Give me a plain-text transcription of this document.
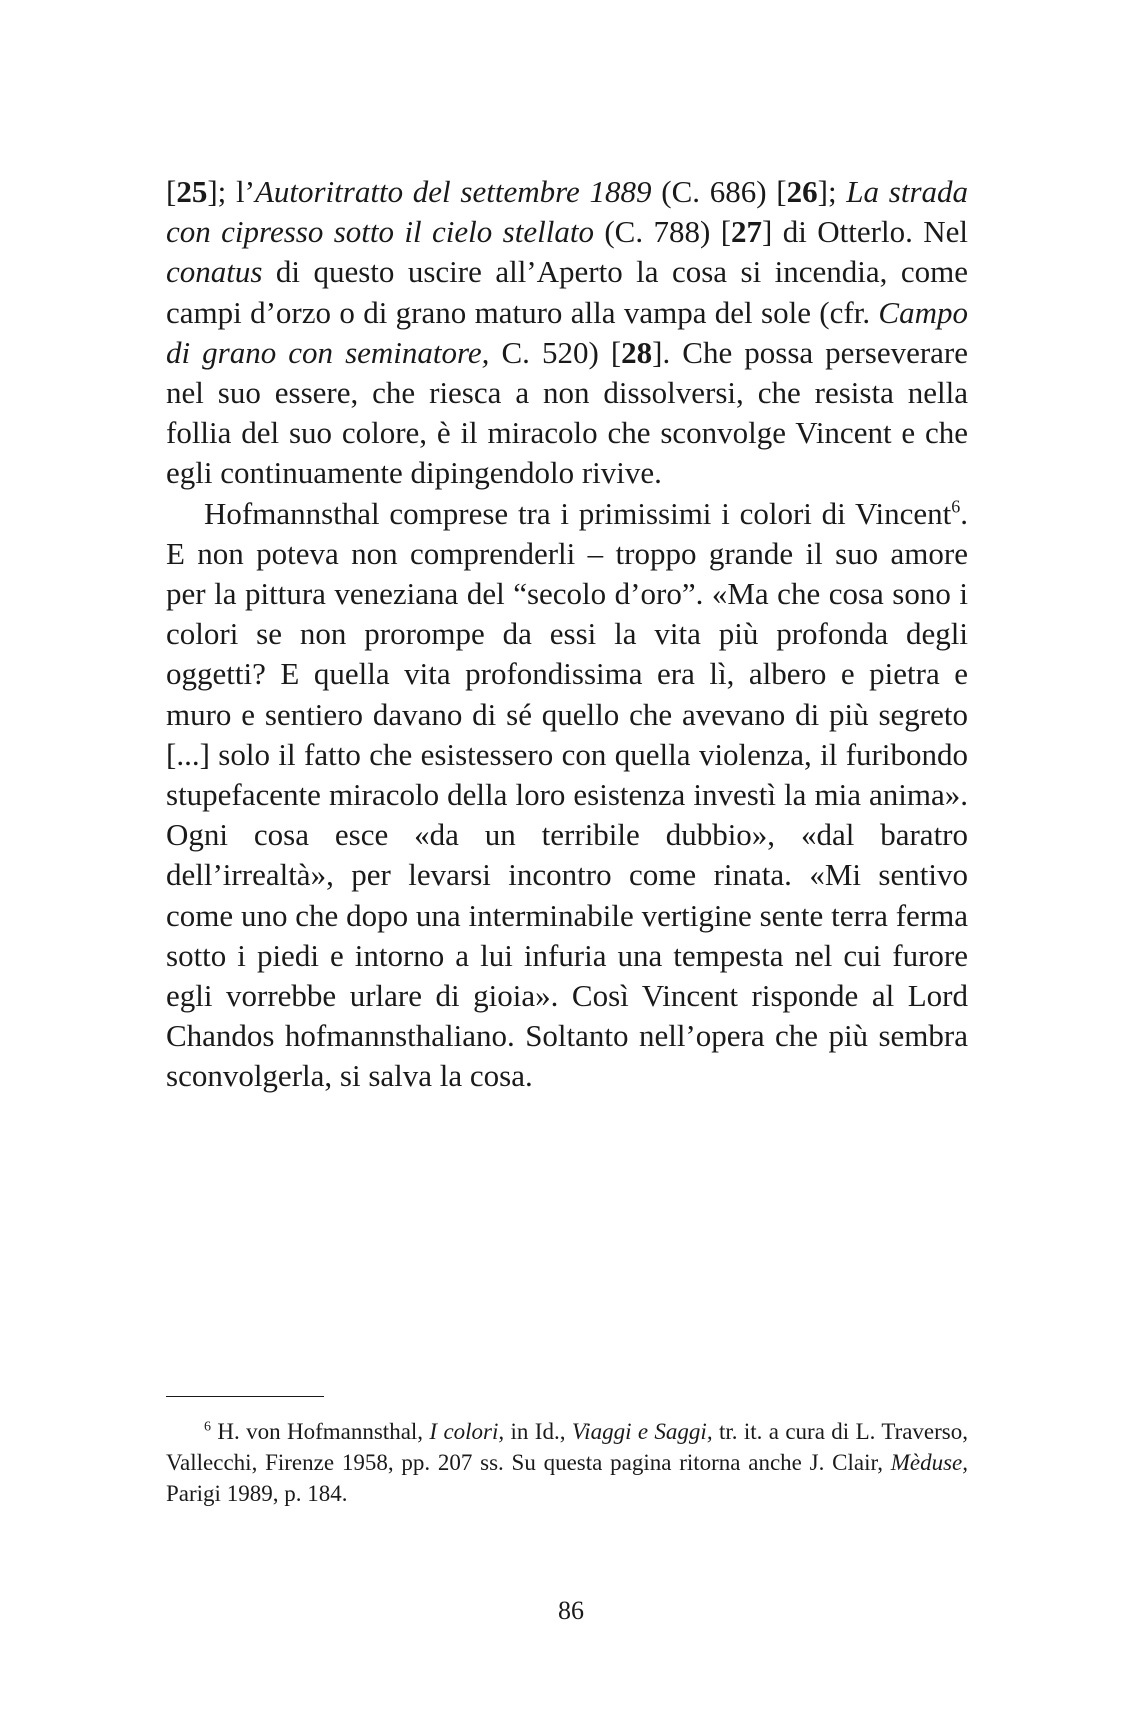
[25]; l’Autoritratto del settembre 1889 (C. 686) [26]; La strada con cipresso sotto il cielo stellato (C. 788) [27] di Otterlo. Nel conatus di questo uscire all’Aperto la cosa si incendia, come campi d’orzo o di grano maturo alla vampa del sole (cfr. Campo di grano con seminatore, C. 520) [28]. Che possa perseverare nel suo essere, che riesca a non dissolversi, che resista nella follia del suo colore, è il miracolo che sconvolge Vincent e che egli continuamente dipingendolo rivive.

Hofmannsthal comprese tra i primissimi i colori di Vincent$^6$. E non poteva non comprenderli – troppo grande il suo amore per la pittura veneziana del “secolo d’oro”. «Ma che cosa sono i colori se non prorompe da essi la vita più profonda degli oggetti? E quella vita profondissima era lì, albero e pietra e muro e sentiero davano di sé quello che avevano di più segreto [...] solo il fatto che esistessero con quella violenza, il furibondo stupefacente miracolo della loro esistenza investì la mia anima». Ogni cosa esce «da un terribile dubbio», «dal baratro dell’irrealtà», per levarsi incontro come rinata. «Mi sentivo come uno che dopo una interminabile vertigine sente terra ferma sotto i piedi e intorno a lui infuria una tempesta nel cui furore egli vorrebbe urlare di gioia». Così Vincent risponde al Lord Chandos hofmannsthaliano. Soltanto nell’opera che più sembra sconvolgerla, si salva la cosa.

$^6$ H. von Hofmannsthal, I colori, in Id., Viaggi e Saggi, tr. it. a cura di L. Traverso, Vallecchi, Firenze 1958, pp. 207 ss. Su questa pagina ritorna anche J. Clair, Mèduse, Parigi 1989, p. 184.

86
